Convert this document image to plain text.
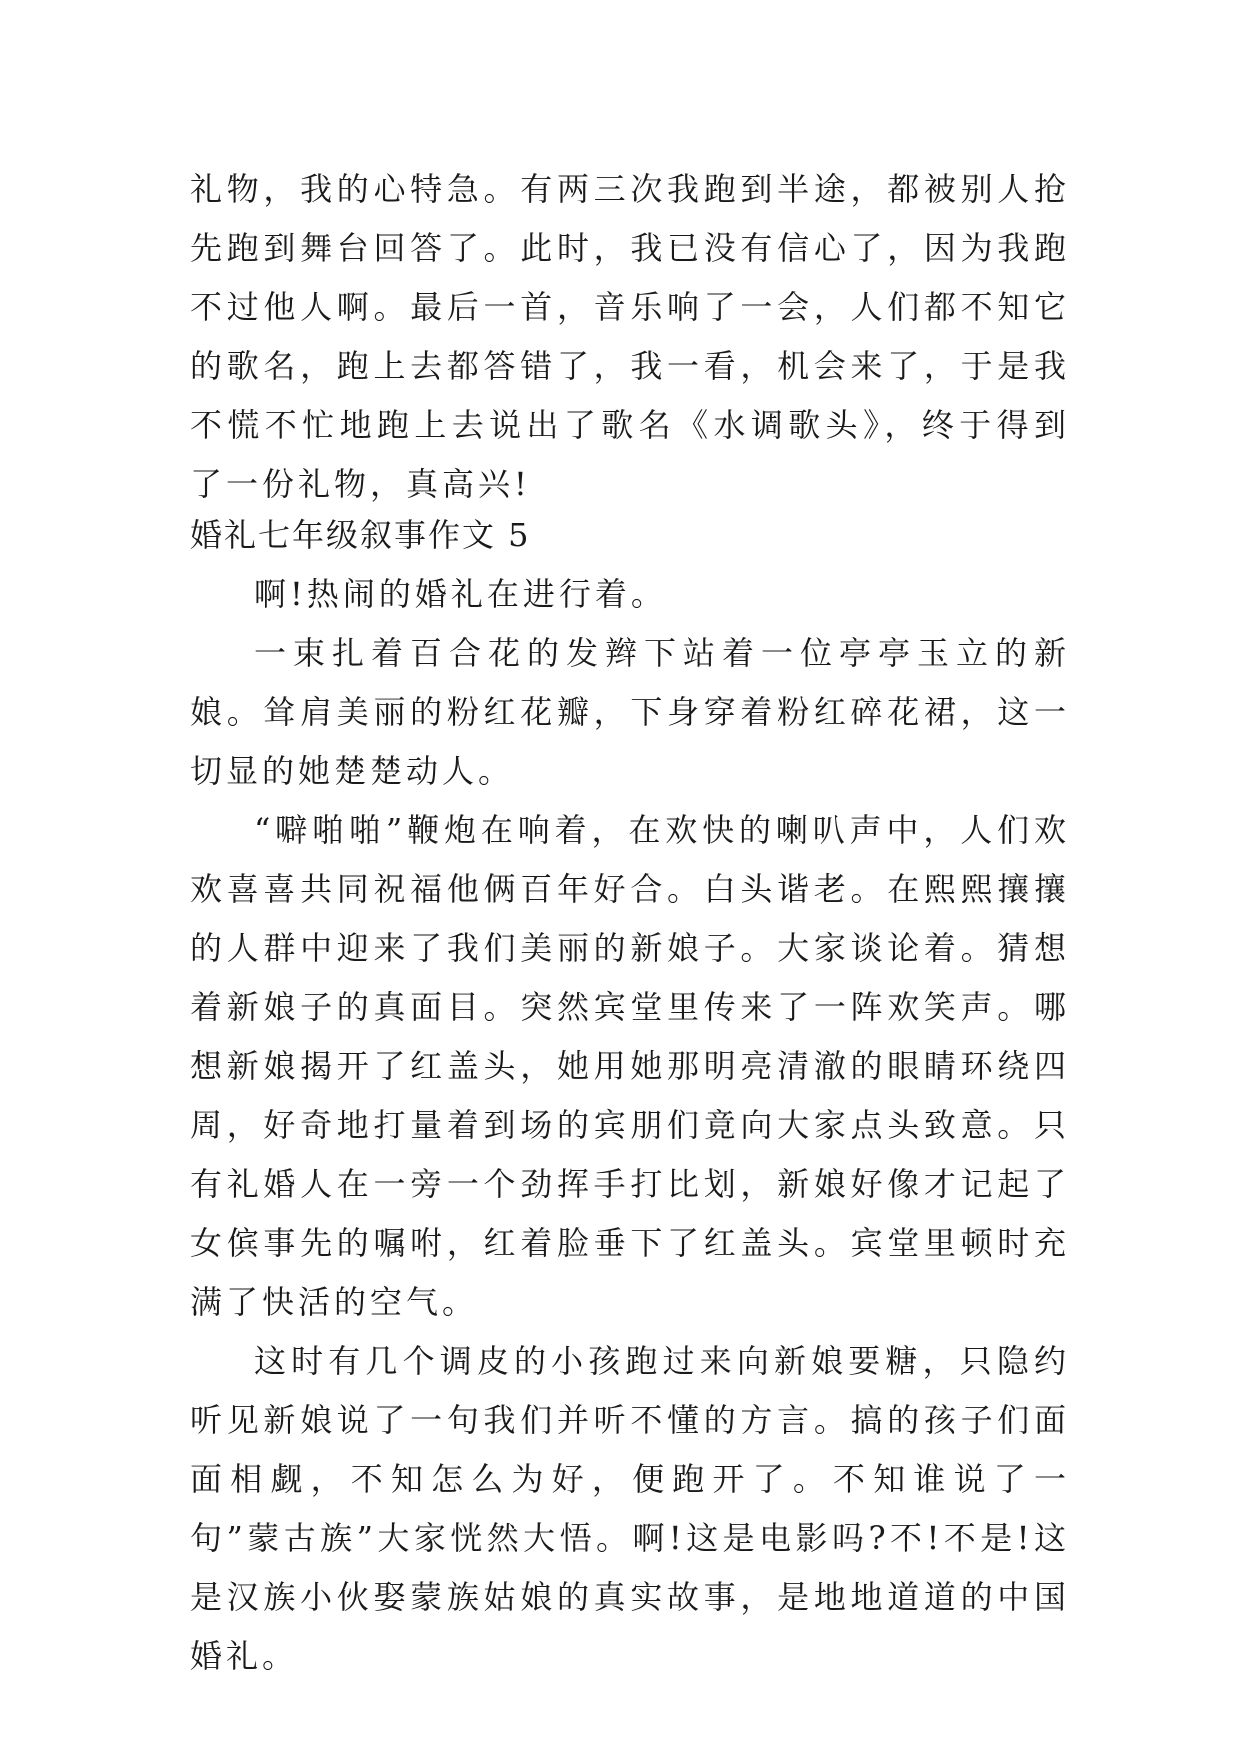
礼物，我的心特急。有两三次我跑到半途，都被别人抢先跑到舞台回答了。此时，我已没有信心了，因为我跑不过他人啊。最后一首，音乐响了一会，人们都不知它的歌名，跑上去都答错了，我一看，机会来了，于是我不慌不忙地跑上去说出了歌名《水调歌头》，终于得到了一份礼物，真高兴!

婚礼七年级叙事作文 5

啊!热闹的婚礼在进行着。

一束扎着百合花的发辫下站着一位亭亭玉立的新娘。耸肩美丽的粉红花瓣，下身穿着粉红碎花裙，这一切显的她楚楚动人。

“噼啪啪”鞭炮在响着，在欢快的喇叭声中，人们欢欢喜喜共同祝福他俩百年好合。白头谐老。在熙熙攘攘的人群中迎来了我们美丽的新娘子。大家谈论着。猜想着新娘子的真面目。突然宾堂里传来了一阵欢笑声。哪想新娘揭开了红盖头，她用她那明亮清澈的眼睛环绕四周，好奇地打量着到场的宾朋们竟向大家点头致意。只有礼婚人在一旁一个劲挥手打比划，新娘好像才记起了女傧事先的嘱咐，红着脸垂下了红盖头。宾堂里顿时充满了快活的空气。

这时有几个调皮的小孩跑过来向新娘要糖，只隐约听见新娘说了一句我们并听不懂的方言。搞的孩子们面面相觑，不知怎么为好，便跑开了。不知谁说了一句”蒙古族”大家恍然大悟。啊!这是电影吗?不!不是!这是汉族小伙娶蒙族姑娘的真实故事，是地地道道的中国婚礼。
